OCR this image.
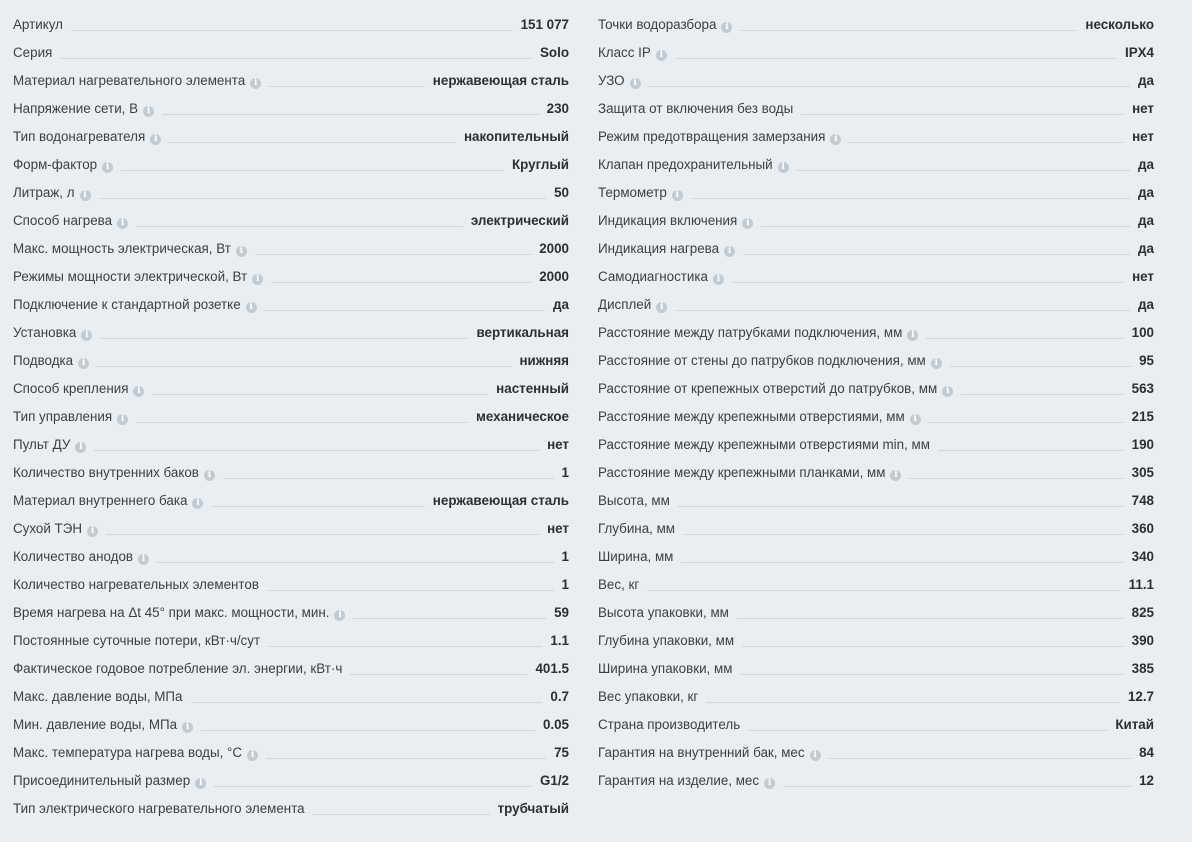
Артикул	151 077
Серия	Solo
Материал нагревательного элемента i	нержавеющая сталь
Напряжение сети, В i	230
Тип водонагревателя i	накопительный
Форм-фактор i	Круглый
Литраж, л i	50
Способ нагрева i	электрический
Макс. мощность электрическая, Вт i	2000
Режимы мощности электрической, Вт i	2000
Подключение к стандартной розетке i	да
Установка i	вертикальная
Подводка i	нижняя
Способ крепления i	настенный
Тип управления i	механическое
Пульт ДУ i	нет
Количество внутренних баков i	1
Материал внутреннего бака i	нержавеющая сталь
Сухой ТЭН i	нет
Количество анодов i	1
Количество нагревательных элементов	1
Время нагрева на Δt 45° при макс. мощности, мин. i	59
Постоянные суточные потери, кВт·ч/сут	1.1
Фактическое годовое потребление эл. энергии, кВт·ч	401.5
Макс. давление воды, МПа	0.7
Мин. давление воды, МПа i	0.05
Макс. температура нагрева воды, °C i	75
Присоединительный размер i	G1/2
Тип электрического нагревательного элемента	трубчатый
Точки водоразбора i	несколько
Класс IP i	IPX4
УЗО i	да
Защита от включения без воды	нет
Режим предотвращения замерзания i	нет
Клапан предохранительный i	да
Термометр i	да
Индикация включения i	да
Индикация нагрева i	да
Самодиагностика i	нет
Дисплей i	да
Расстояние между патрубками подключения, мм i	100
Расстояние от стены до патрубков подключения, мм i	95
Расстояние от крепежных отверстий до патрубков, мм i	563
Расстояние между крепежными отверстиями, мм i	215
Расстояние между крепежными отверстиями min, мм	190
Расстояние между крепежными планками, мм i	305
Высота, мм	748
Глубина, мм	360
Ширина, мм	340
Вес, кг	11.1
Высота упаковки, мм	825
Глубина упаковки, мм	390
Ширина упаковки, мм	385
Вес упаковки, кг	12.7
Страна производитель	Китай
Гарантия на внутренний бак, мес i	84
Гарантия на изделие, мес i	12
